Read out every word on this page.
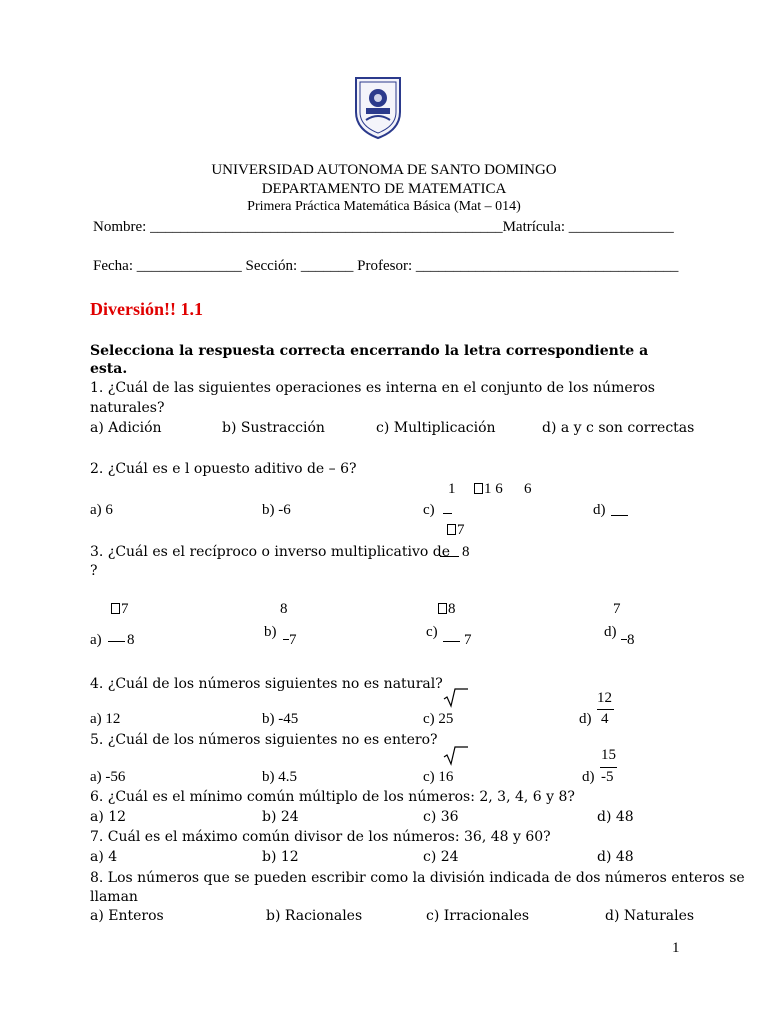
UNIVERSIDAD AUTONOMA DE SANTO DOMINGO
DEPARTAMENTO DE MATEMATICA
Primera Práctica Matemática Básica (Mat – 014)
Nombre: _______________________________________________Matrícula: ______________
Fecha: ______________ Sección: _______ Profesor: ___________________________________
Diversión!! 1.1
Selecciona la respuesta correcta encerrando la letra correspondiente a
esta.
1. ¿Cuál de las siguientes operaciones es interna en el conjunto de los números
naturales?
a) Adición	b) Sustracción	c) Multiplicación	d) a y c son correctas
2. ¿Cuál es e l opuesto aditivo de – 6?
1	1 6 6
a) 6	b) -6	c)	d)
7
3. ¿Cuál es el recíproco o inverso multiplicativo de 8
?
7	8	8	7
a) 8	b) 7	c) 7	d) 8
4. ¿Cuál de los números siguientes no es natural?
12
a) 12	b) -45	c) 25	d) 4
5. ¿Cuál de los números siguientes no es entero?
15
a) -56	b) 4.5	c) 16	d) -5
6. ¿Cuál es el mínimo común múltiplo de los números: 2, 3, 4, 6 y 8?
a) 12	b) 24	c) 36	d) 48
7. Cuál es el máximo común divisor de los números: 36, 48 y 60?
a) 4	b) 12	c) 24	d) 48
8. Los números que se pueden escribir como la división indicada de dos números enteros se
llaman
a) Enteros	b) Racionales	c) Irracionales	d) Naturales
1
